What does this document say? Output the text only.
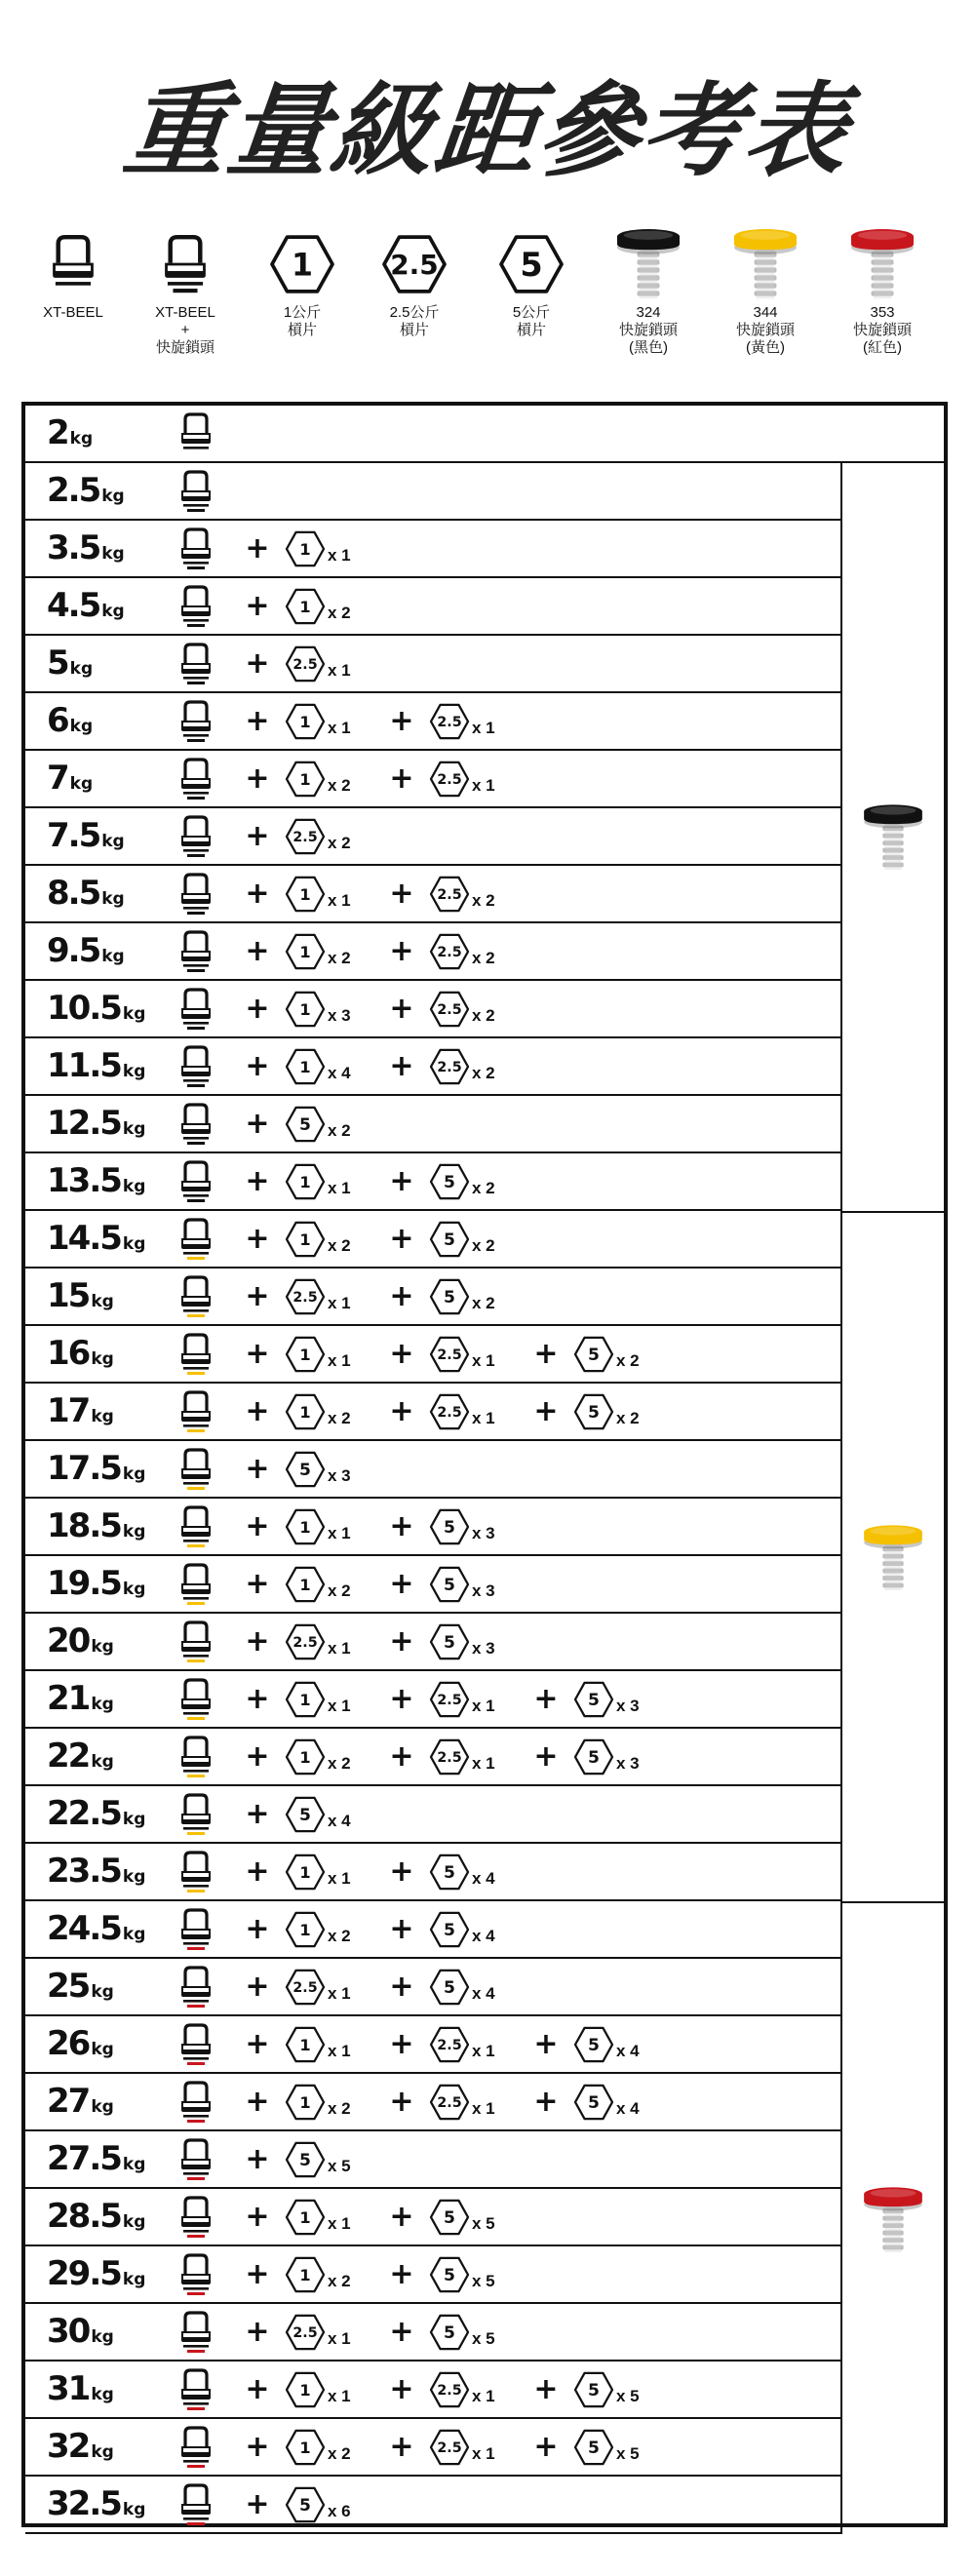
重量級距參考表
XT-BEEL	XT-BEEL
+
快旋鎖頭
1
1公斤
槓片
2.5
2.5公斤
槓片
5
5公斤
槓片
324
快旋鎖頭
(黑色)
344
快旋鎖頭
(黃色)
353
快旋鎖頭
(紅色)
2 kg
2.5 kg
3.5 kg	+	1 x 1
4.5 kg	+	1 x 2
5 kg	+	2.5 x 1
6 kg	+	1 x 1	+	2.5 x 1
7 kg	+	1 x 2	+	2.5 x 1
7.5 kg	+	2.5 x 2
8.5 kg	+	1 x 1	+	2.5 x 2
9.5 kg	+	1 x 2	+	2.5 x 2
10.5 kg	+	1 x 3	+	2.5 x 2
11.5 kg	+	1 x 4	+	2.5 x 2
12.5 kg	+	5 x 2
13.5 kg	+	1 x 1	+	5 x 2
14.5 kg	+	1 x 2	+	5 x 2
15 kg	+	2.5 x 1	+	5 x 2
16 kg	+	1 x 1	+	2.5 x 1	+	5 x 2
17 kg	+	1 x 2	+	2.5 x 1	+	5 x 2
17.5 kg	+	5 x 3
18.5 kg	+	1 x 1	+	5 x 3
19.5 kg	+	1 x 2	+	5 x 3
20 kg	+	2.5 x 1	+	5 x 3
21 kg	+	1 x 1	+	2.5 x 1	+	5 x 3
22 kg	+	1 x 2	+	2.5 x 1	+	5 x 3
22.5 kg	+	5 x 4
23.5 kg	+	1 x 1	+	5 x 4
24.5 kg	+	1 x 2	+	5 x 4
25 kg	+	2.5 x 1	+	5 x 4
26 kg	+	1 x 1	+	2.5 x 1	+	5 x 4
27 kg	+	1 x 2	+	2.5 x 1	+	5 x 4
27.5 kg	+	5 x 5
28.5 kg	+	1 x 1	+	5 x 5
29.5 kg	+	1 x 2	+	5 x 5
30 kg	+	2.5 x 1	+	5 x 5
31 kg	+	1 x 1	+	2.5 x 1	+	5 x 5
32 kg	+	1 x 2	+	2.5 x 1	+	5 x 5
32.5 kg	+	5 x 6
